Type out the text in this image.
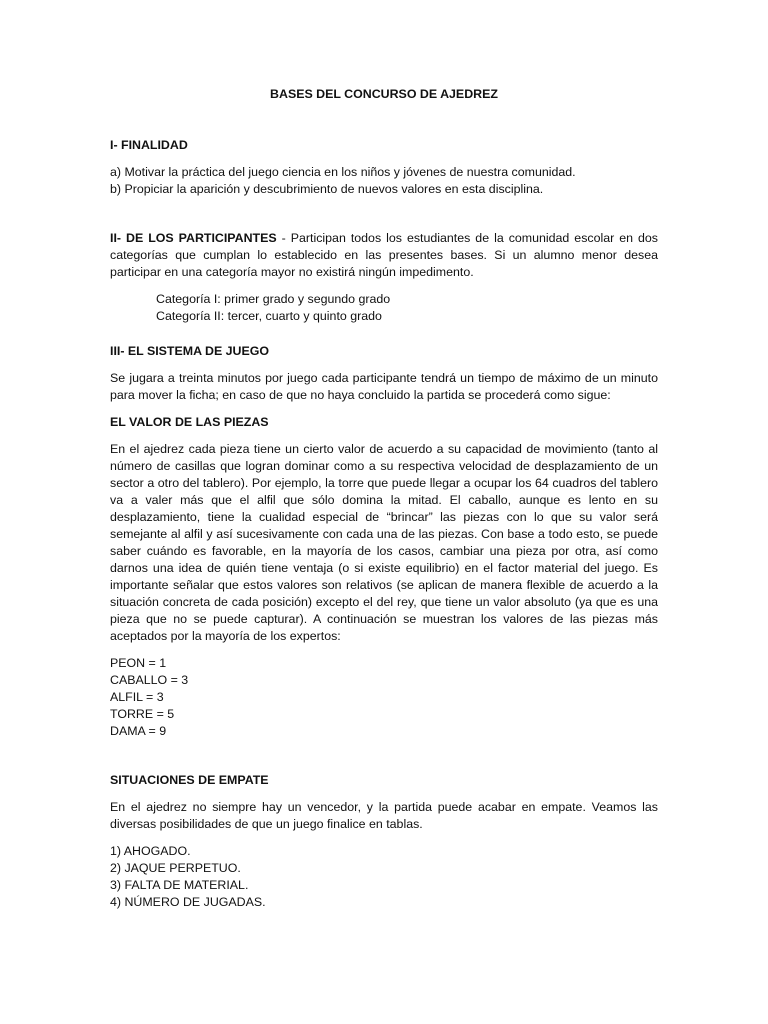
BASES DEL CONCURSO DE AJEDREZ

I- FINALIDAD

a) Motivar la práctica del juego ciencia en los niños y jóvenes de nuestra comunidad.

b) Propiciar la aparición y descubrimiento de nuevos valores en esta disciplina.

II- DE LOS PARTICIPANTES - Participan todos los estudiantes de la comunidad escolar en dos categorías que cumplan lo establecido en las presentes bases. Si un alumno menor desea participar en una categoría mayor no existirá ningún impedimento.

Categoría I: primer grado y segundo grado

Categoría II: tercer, cuarto y quinto grado

III- EL SISTEMA DE JUEGO

Se jugara a treinta minutos por juego cada participante tendrá un tiempo de máximo de un minuto para mover la ficha; en caso de que no haya concluido la partida se procederá como sigue:

EL VALOR DE LAS PIEZAS

En el ajedrez cada pieza tiene un cierto valor de acuerdo a su capacidad de movimiento (tanto al número de casillas que logran dominar como a su respectiva velocidad de desplazamiento de un sector a otro del tablero). Por ejemplo, la torre que puede llegar a ocupar los 64 cuadros del tablero va a valer más que el alfil que sólo domina la mitad. El caballo, aunque es lento en su desplazamiento, tiene la cualidad especial de “brincar” las piezas con lo que su valor será semejante al alfil y así sucesivamente con cada una de las piezas. Con base a todo esto, se puede saber cuándo es favorable, en la mayoría de los casos, cambiar una pieza por otra, así como darnos una idea de quién tiene ventaja (o si existe equilibrio) en el factor material del juego. Es importante señalar que estos valores son relativos (se aplican de manera flexible de acuerdo a la situación concreta de cada posición) excepto el del rey, que tiene un valor absoluto (ya que es una pieza que no se puede capturar). A continuación se muestran los valores de las piezas más aceptados por la mayoría de los expertos:

PEON = 1

CABALLO = 3

ALFIL = 3

TORRE = 5

DAMA = 9

SITUACIONES DE EMPATE

En el ajedrez no siempre hay un vencedor, y la partida puede acabar en empate. Veamos las diversas posibilidades de que un juego finalice en tablas.

1) AHOGADO.

2) JAQUE PERPETUO.

3) FALTA DE MATERIAL.

4) NÚMERO DE JUGADAS.
